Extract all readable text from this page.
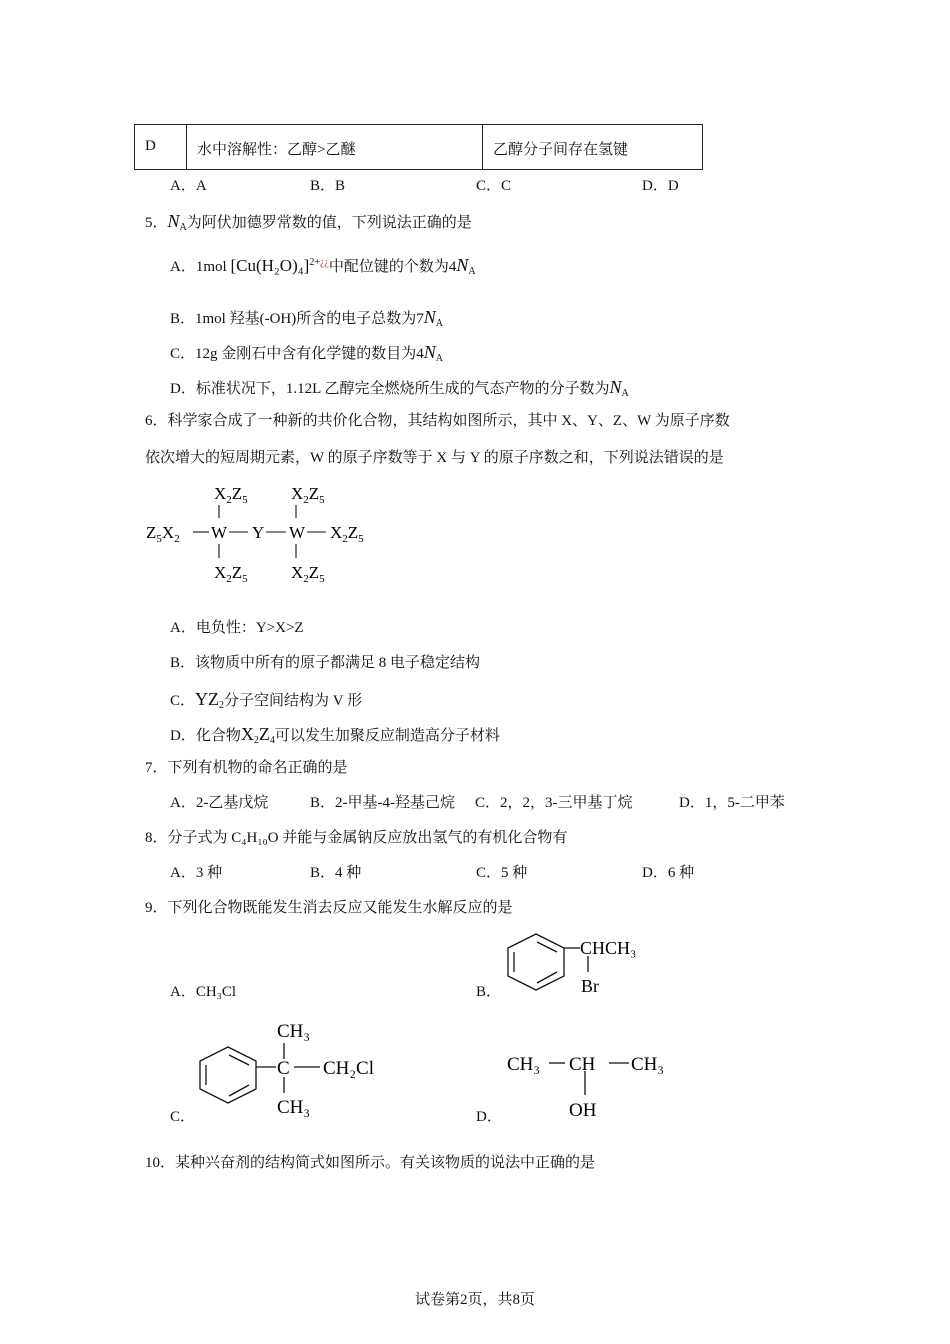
D	水中溶解性：乙醇>乙醚	乙醇分子间存在氢键
A．A	B．B	C．C	D．D
5．$N_A$为阿伏加德罗常数的值，下列说法正确的是
A．1mol $[Cu(H_2O)_4]^{2+¿¿}$中配位键的个数为$4N_A$
B．1mol 羟基(-OH)所含的电子总数为$7N_A$
C．12g 金刚石中含有化学键的数目为$4N_A$
D．标准状况下，1.12L 乙醇完全燃烧所生成的气态产物的分子数为$N_A$
6．科学家合成了一种新的共价化合物，其结构如图所示，其中 X、Y、Z、W 为原子序数
依次增大的短周期元素，W 的原子序数等于 X 与 Y 的原子序数之和，下列说法错误的是
$X_2Z_5$	$X_2Z_5$
$Z_5X_2$ W Y W $X_2Z_5$
$X_2Z_5$	$X_2Z_5$
A．电负性：Y>X>Z
B．该物质中所有的原子都满足 8 电子稳定结构
C．$YZ_2$分子空间结构为 V 形
D．化合物$X_2Z_4$可以发生加聚反应制造高分子材料
7．下列有机物的命名正确的是
A．2-乙基戊烷	B．2-甲基-4-羟基己烷 C．2，2，3-三甲基丁烷	D．1，5-二甲苯
8．分子式为 C₄H₁₀O 并能与金属钠反应放出氢气的有机化合物有
A．3 种	B．4 种	C．5 种	D．6 种
9．下列化合物既能发生消去反应又能发生水解反应的是
A．CH₃Cl	B．
CHCH₃
Br
C．
CH₃
C CH₂Cl
CH₃	D．
CH₃ CH CH₃
OH
10．某种兴奋剂的结构简式如图所示。有关该物质的说法中正确的是
试卷第2页，共8页
